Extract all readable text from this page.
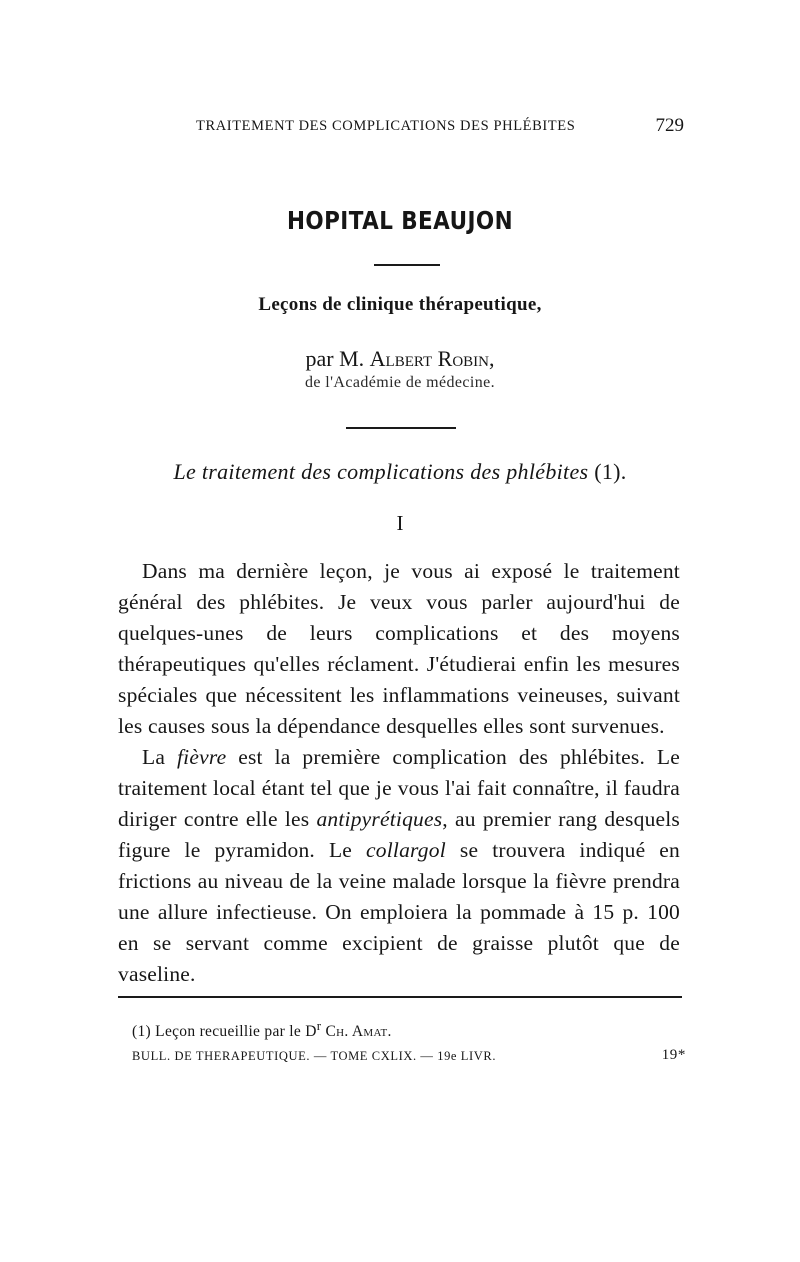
TRAITEMENT DES COMPLICATIONS DES PHLÉBITES	729
HOPITAL BEAUJON
Leçons de clinique thérapeutique,
par M. Albert Robin,
de l'Académie de médecine.
Le traitement des complications des phlébites (1).
I

Dans ma dernière leçon, je vous ai exposé le traitement général des phlébites. Je veux vous parler aujourd'hui de quelques-unes de leurs complications et des moyens thérapeutiques qu'elles réclament. J'étudierai enfin les mesures spéciales que nécessitent les inflammations veineuses, suivant les causes sous la dépendance desquelles elles sont survenues.

La fièvre est la première complication des phlébites. Le traitement local étant tel que je vous l'ai fait connaître, il faudra diriger contre elle les antipyrétiques, au premier rang desquels figure le pyramidon. Le collargol se trouvera indiqué en frictions au niveau de la veine malade lorsque la fièvre prendra une allure infectieuse. On emploiera la pommade à 15 p. 100 en se servant comme excipient de graisse plutôt que de vaseline.

(1) Leçon recueillie par le $D^r$ Ch. Amat.
BULL. DE THERAPEUTIQUE. — TOME CXLIX. — 19e LIVR.	19*
